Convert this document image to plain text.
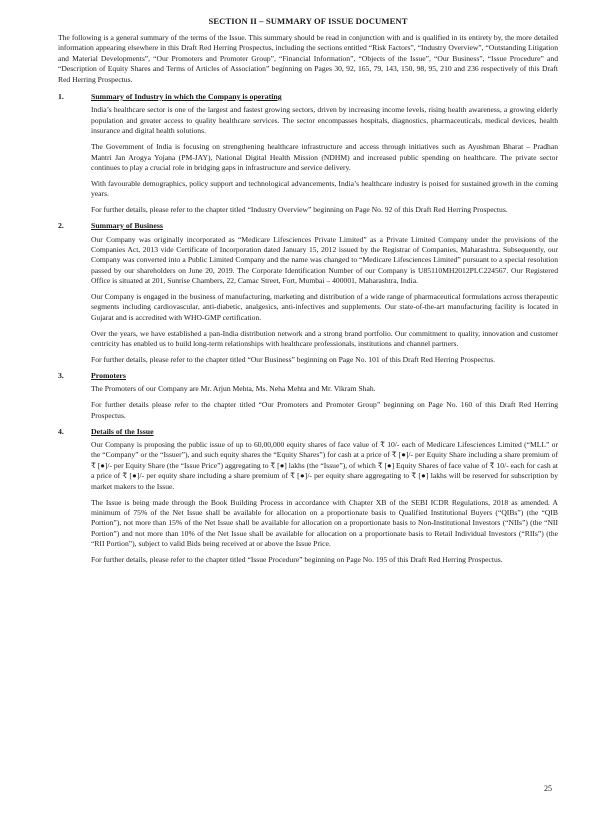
SECTION II – SUMMARY OF ISSUE DOCUMENT

The following is a general summary of the terms of the Issue. This summary should be read in conjunction with and is qualified in its entirety by, the more detailed information appearing elsewhere in this Draft Red Herring Prospectus, including the sections entitled “Risk Factors”, “Industry Overview”, “Outstanding Litigation and Material Developments”, “Our Promoters and Promoter Group”, “Financial Information”, “Objects of the Issue”, “Our Business”, “Issue Procedure” and “Description of Equity Shares and Terms of Articles of Association” beginning on Pages 30, 92, 165, 79, 143, 150, 98, 95, 210 and 236 respectively of this Draft Red Herring Prospectus.

1.	Summary of Industry in which the Company is operating

India’s healthcare sector is one of the largest and fastest growing sectors, driven by increasing income levels, rising health awareness, a growing elderly population and greater access to quality healthcare services. The sector encompasses hospitals, diagnostics, pharmaceuticals, medical devices, health insurance and digital health solutions.

The Government of India is focusing on strengthening healthcare infrastructure and access through initiatives such as Ayushman Bharat – Pradhan Mantri Jan Arogya Yojana (PM-JAY), National Digital Health Mission (NDHM) and increased public spending on healthcare. The private sector continues to play a crucial role in bridging gaps in infrastructure and service delivery.

With favourable demographics, policy support and technological advancements, India’s healthcare industry is poised for sustained growth in the coming years.

For further details, please refer to the chapter titled “Industry Overview” beginning on Page No. 92 of this Draft Red Herring Prospectus.

2.	Summary of Business

Our Company was originally incorporated as “Medicare Lifesciences Private Limited” as a Private Limited Company under the provisions of the Companies Act, 2013 vide Certificate of Incorporation dated January 15, 2012 issued by the Registrar of Companies, Maharashtra. Subsequently, our Company was converted into a Public Limited Company and the name was changed to “Medicare Lifesciences Limited” pursuant to a special resolution passed by our shareholders on June 20, 2019. The Corporate Identification Number of our Company is U85110MH2012PLC224567. Our Registered Office is situated at 201, Sunrise Chambers, 22, Camac Street, Fort, Mumbai – 400001, Maharashtra, India.

Our Company is engaged in the business of manufacturing, marketing and distribution of a wide range of pharmaceutical formulations across therapeutic segments including cardiovascular, anti-diabetic, analgesics, anti-infectives and supplements. Our state-of-the-art manufacturing facility is located in Gujarat and is accredited with WHO-GMP certification.

Over the years, we have established a pan-India distribution network and a strong brand portfolio. Our commitment to quality, innovation and customer centricity has enabled us to build long-term relationships with healthcare professionals, institutions and channel partners.

For further details, please refer to the chapter titled “Our Business” beginning on Page No. 101 of this Draft Red Herring Prospectus.

3.	Promoters

The Promoters of our Company are Mr. Arjun Mehta, Ms. Neha Mehta and Mr. Vikram Shah.

For further details please refer to the chapter titled “Our Promoters and Promoter Group” beginning on Page No. 160 of this Draft Red Herring Prospectus.

4.	Details of the Issue

Our Company is proposing the public issue of up to 60,00,000 equity shares of face value of ₹ 10/- each of Medicare Lifesciences Limited (“MLL” or the “Company” or the “Issuer”), and such equity shares the “Equity Shares”) for cash at a price of ₹ [●]/- per Equity Share including a share premium of ₹ [●]/- per Equity Share (the “Issue Price”) aggregating to ₹ [●] lakhs (the “Issue”), of which ₹ [●] Equity Shares of face value of ₹ 10/- each for cash at a price of ₹ [●]/- per equity share including a share premium of ₹ [●]/- per equity share aggregating to ₹ [●] lakhs will be reserved for subscription by market makers to the Issue.

The Issue is being made through the Book Building Process in accordance with Chapter XB of the SEBI ICDR Regulations, 2018 as amended. A minimum of 75% of the Net Issue shall be available for allocation on a proportionate basis to Qualified Institutional Buyers (“QIBs”) (the “QIB Portion”), not more than 15% of the Net Issue shall be available for allocation on a proportionate basis to Non-Institutional Investors (“NIIs”) (the “NII Portion”) and not more than 10% of the Net Issue shall be available for allocation on a proportionate basis to Retail Individual Investors (“RIIs”) (the “RII Portion”), subject to valid Bids being received at or above the Issue Price.

For further details, please refer to the chapter titled “Issue Procedure” beginning on Page No. 195 of this Draft Red Herring Prospectus.

25
